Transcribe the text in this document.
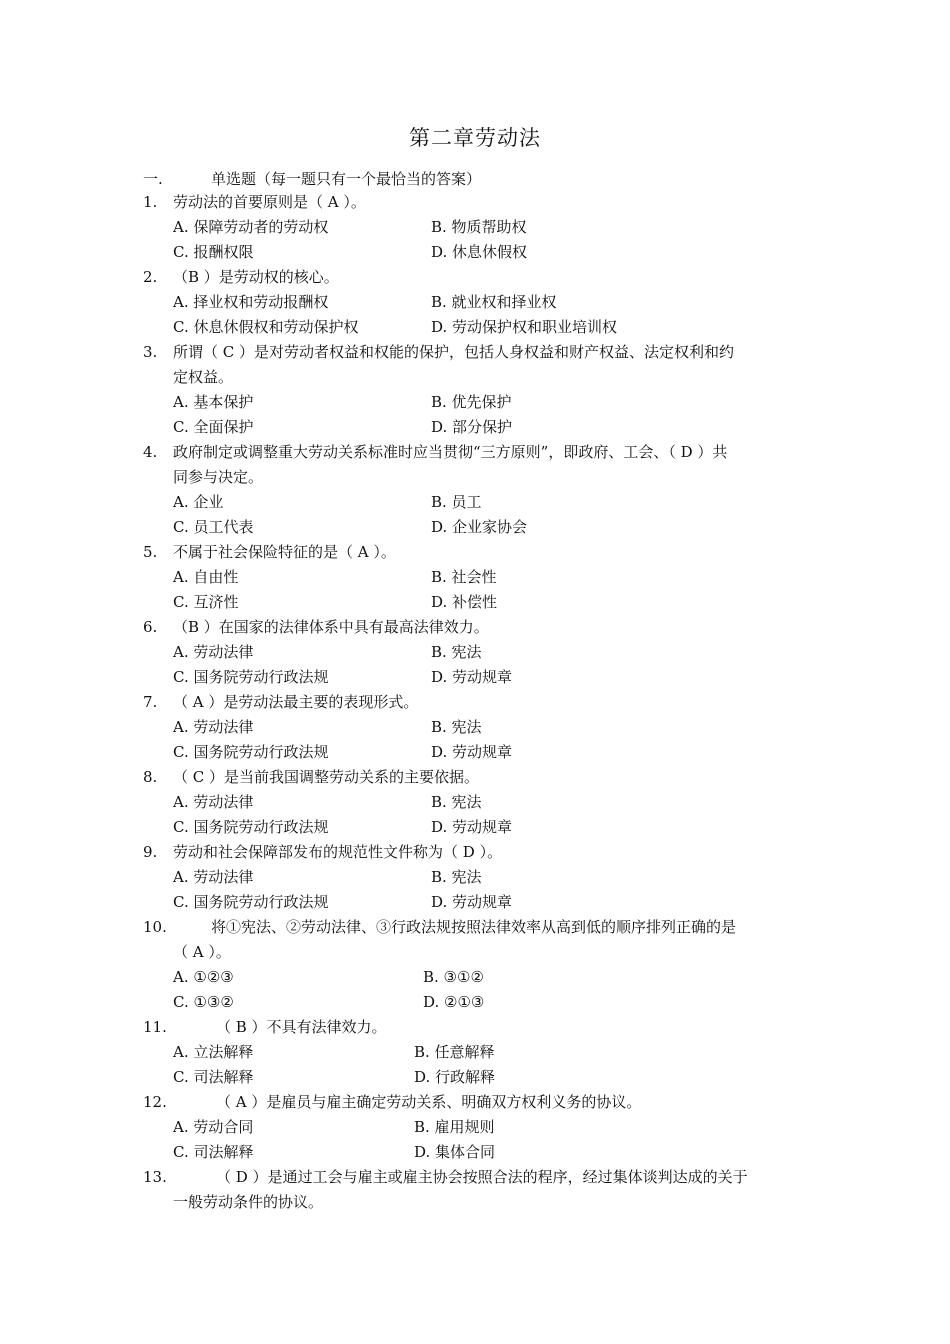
第二章劳动法
一.	单选题（每一题只有一个最恰当的答案）
1. 劳动法的首要原则是（ A ）。
A. 保障劳动者的劳动权	B. 物质帮助权
C. 报酬权限	D. 休息休假权
2. （B ）是劳动权的核心。
A. 择业权和劳动报酬权	B. 就业权和择业权
C. 休息休假权和劳动保护权	D. 劳动保护权和职业培训权
3. 所谓（ C ）是对劳动者权益和权能的保护，包括人身权益和财产权益、法定权利和约
定权益。
A. 基本保护	B. 优先保护
C. 全面保护	D. 部分保护
4. 政府制定或调整重大劳动关系标准时应当贯彻“三方原则”，即政府、工会、（ D ）共
同参与决定。
A. 企业	B. 员工
C. 员工代表	D. 企业家协会
5. 不属于社会保险特征的是（ A ）。
A. 自由性	B. 社会性
C. 互济性	D. 补偿性
6. （B ）在国家的法律体系中具有最高法律效力。
A. 劳动法律	B. 宪法
C. 国务院劳动行政法规	D. 劳动规章
7. （ A ）是劳动法最主要的表现形式。
A. 劳动法律	B. 宪法
C. 国务院劳动行政法规	D. 劳动规章
8. （ C ）是当前我国调整劳动关系的主要依据。
A. 劳动法律	B. 宪法
C. 国务院劳动行政法规	D. 劳动规章
9. 劳动和社会保障部发布的规范性文件称为（ D ）。
A. 劳动法律	B. 宪法
C. 国务院劳动行政法规	D. 劳动规章
10.	将①宪法、②劳动法律、③行政法规按照法律效率从高到低的顺序排列正确的是
（ A ）。
A. ①②③	B. ③①②
C. ①③②	D. ②①③
11.	（ B ）不具有法律效力。
A. 立法解释	B. 任意解释
C. 司法解释	D. 行政解释
12.	（ A ）是雇员与雇主确定劳动关系、明确双方权利义务的协议。
A. 劳动合同	B. 雇用规则
C. 司法解释	D. 集体合同
13.	（ D ）是通过工会与雇主或雇主协会按照合法的程序，经过集体谈判达成的关于
一般劳动条件的协议。
